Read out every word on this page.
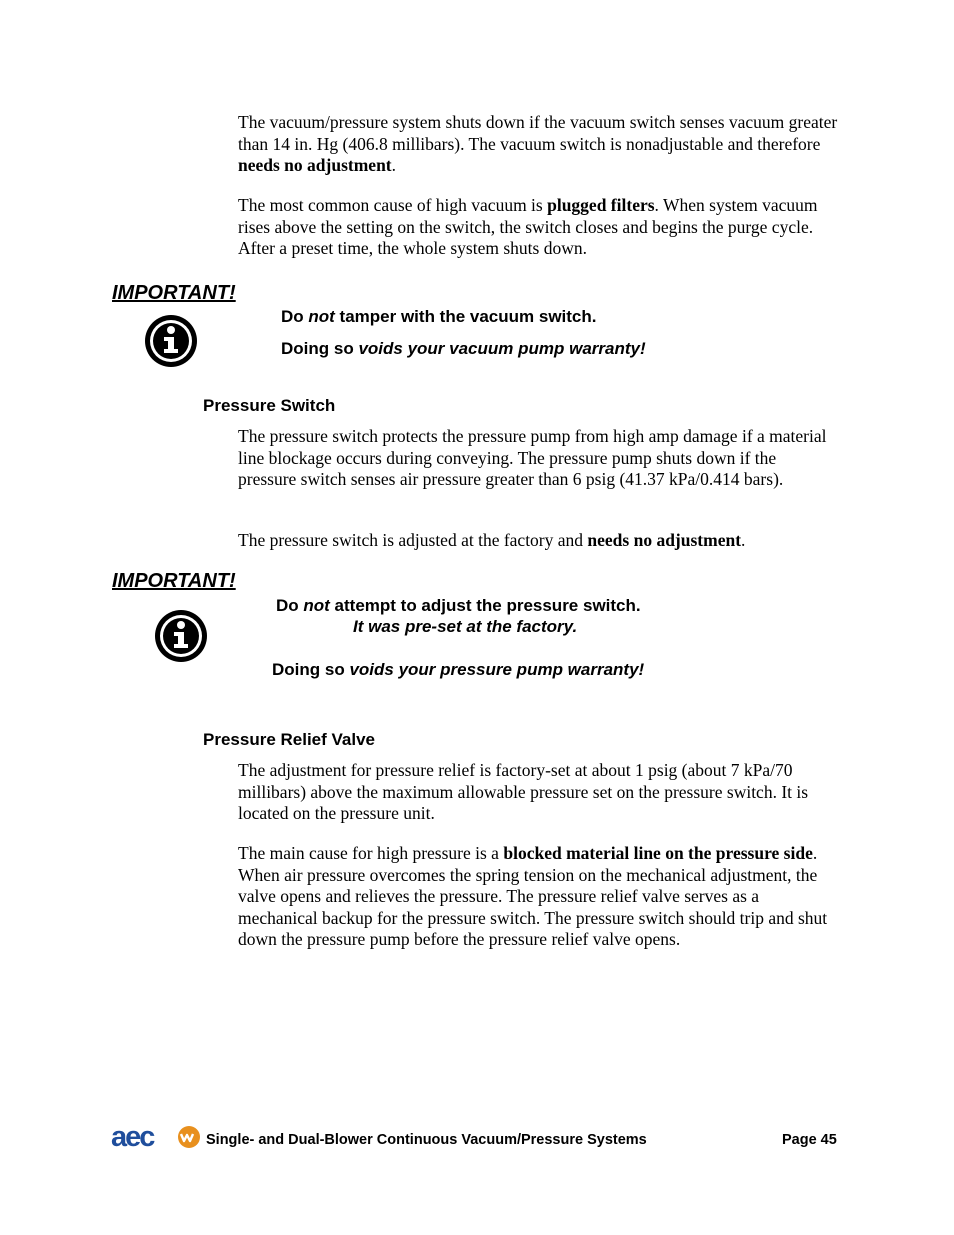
The vacuum/pressure system shuts down if the vacuum switch senses vacuum greater than 14 in. Hg (406.8 millibars). The vacuum switch is nonadjustable and therefore needs no adjustment.

The most common cause of high vacuum is plugged filters. When system vacuum rises above the setting on the switch, the switch closes and begins the purge cycle. After a preset time, the whole system shuts down.

IMPORTANT!

Do not tamper with the vacuum switch.

Doing so voids your vacuum pump warranty!

Pressure Switch

The pressure switch protects the pressure pump from high amp damage if a material line blockage occurs during conveying. The pressure pump shuts down if the pressure switch senses air pressure greater than 6 psig (41.37 kPa/0.414 bars).

The pressure switch is adjusted at the factory and needs no adjustment.

IMPORTANT!

Do not attempt to adjust the pressure switch.

It was pre-set at the factory.

Doing so voids your pressure pump warranty!

Pressure Relief Valve

The adjustment for pressure relief is factory-set at about 1 psig (about 7 kPa/70 millibars) above the maximum allowable pressure set on the pressure switch. It is located on the pressure unit.

The main cause for high pressure is a blocked material line on the pressure side. When air pressure overcomes the spring tension on the mechanical adjustment, the valve opens and relieves the pressure. The pressure relief valve serves as a mechanical backup for the pressure switch. The pressure switch should trip and shut down the pressure pump before the pressure relief valve opens.

aec	Single- and Dual-Blower Continuous Vacuum/Pressure Systems	Page 45
